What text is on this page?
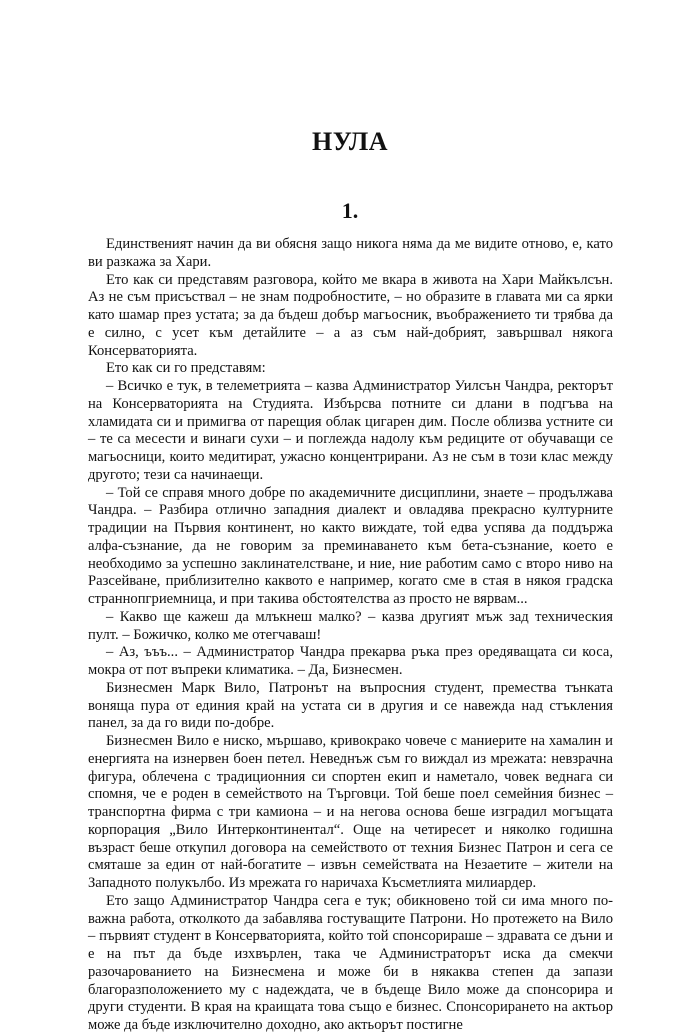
НУЛА
1.

Единственият начин да ви обясня защо никога няма да ме видите отново, е, като ви разкажа за Хари.

Ето как си представям разговора, който ме вкара в живота на Хари Майкълсън. Аз не съм присъствал – не знам подробностите, – но образите в главата ми са ярки като шамар през устата; за да бъдеш добър магьосник, въображението ти трябва да е силно, с усет към детайлите – а аз съм най-добрият, завършвал някога Консерваторията.

Ето как си го представям:

– Всичко е тук, в телеметрията – казва Администратор Уилсън Чандра, ректорът на Консерваторията на Студията. Избърсва потните си длани в подгъва на хламидата си и примигва от парещия облак цигарен дим. После облизва устните си – те са месести и винаги сухи – и поглежда надолу към редиците от обучаващи се магьосници, които медитират, ужасно концентрирани. Аз не съм в този клас между другото; тези са начинаещи.

– Той се справя много добре по академичните дисциплини, знаете – продължава Чандра. – Разбира отлично западния диалект и овладява прекрасно културните традиции на Първия континент, но както виждате, той едва успява да поддържа алфа-съзнание, да не говорим за преминаването към бета-съзнание, което е необходимо за успешно заклинателстване, и ние, ние работим само с второ ниво на Разсейване, приблизително каквото е например, когато сме в стая в някоя градска страннопгриемница, и при такива обстоятелства аз просто не вярвам...

– Какво ще кажеш да млъкнеш малко? – казва другият мъж зад техническия пулт. – Божичко, колко ме отегчаваш!

– Аз, ъъъ... – Администратор Чандра прекарва ръка през оредяващата си коса, мокра от пот въпреки климатика. – Да, Бизнесмен.

Бизнесмен Марк Вило, Патронът на въпросния студент, премества тънката воняща пура от единия край на устата си в другия и се навежда над стъкления панел, за да го види по-добре.

Бизнесмен Вило е ниско, мършаво, кривокрако човече с маниерите на хамалин и енергията на изнервен боен петел. Неведнъж съм го виждал из мрежата: невзрачна фигура, облечена с традиционния си спортен екип и наметало, човек веднага си спомня, че е роден в семейството на Търговци. Той беше поел семейния бизнес – транспортна фирма с три камиона – и на негова основа беше изградил могъщата корпорация „Вило Интерконтинентал“. Още на четиресет и няколко годишна възраст беше откупил договора на семейството от техния Бизнес Патрон и сега се смяташе за един от най-богатите – извън семействата на Незаетите – жители на Западното полукълбо. Из мрежата го наричаха Късметлията милиардер.

Ето защо Администратор Чандра сега е тук; обикновено той си има много по-важна работа, отколкото да забавлява гостуващите Патрони. Но протежето на Вило – първият студент в Консерваторията, който той спонсорираше – здравата се дъни и е на път да бъде изхвърлен, така че Администраторът иска да смекчи разочарованието на Бизнесмена и може би в някаква степен да запази благоразположението му с надеждата, че в бъдеще Вило може да спонсорира и други студенти. В края на краищата това също е бизнес. Спонсорирането на актьор може да бъде изключително доходно, ако актьорът постигне
